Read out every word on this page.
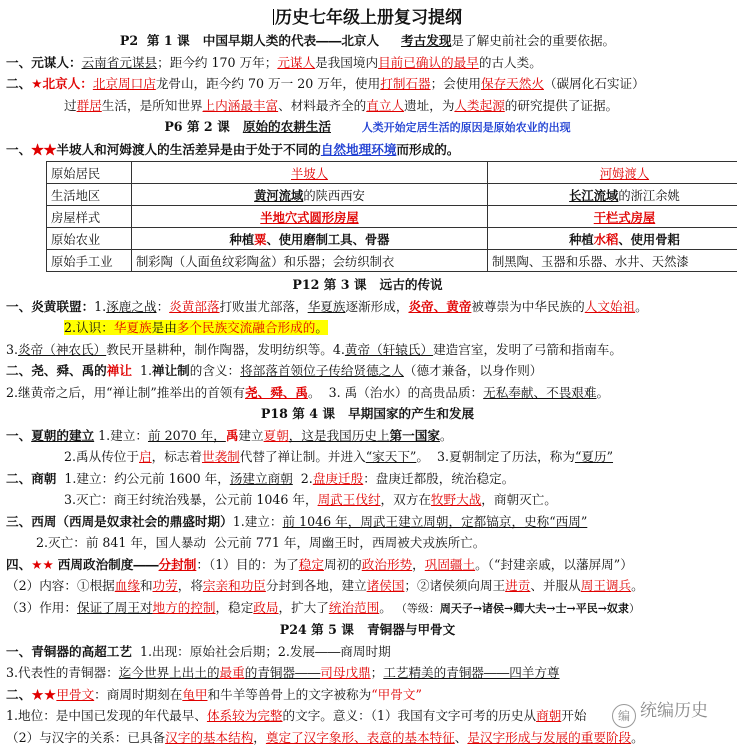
历史七年级上册复习提纲
P2 第 1 课 中国早期人类的代表――北京人 考古发现是了解史前社会的重要依据。
一、元谋人：云南省元谋县；距今约 170 万年；元谋人是我国境内目前已确认的最早的古人类。
二、★北京人：北京周口店龙骨山，距今约 70 万一 20 万年，使用打制石器；会使用保存天然火（碳屑化石实证）
过群居生活，是所知世界上内涵最丰富、材料最齐全的直立人遗址，为人类起源的研究提供了证据。
P6 第 2 课 原始的农耕生活	人类开始定居生活的原因是原始农业的出现
一、★★半坡人和河姆渡人的生活差异是由于处于不同的自然地理环境而形成的。
原始居民	半坡人	河姆渡人
生活地区	黄河流域的陕西西安	长江流域的浙江余姚
房屋样式	半地穴式圆形房屋	干栏式房屋
原始农业	种植粟、使用磨制工具、骨器	种植水稻、使用骨耜
原始手工业	制彩陶（人面鱼纹彩陶盆）和乐器；会纺织制衣	制黑陶、玉器和乐器、水井、天然漆
P12 第 3 课 远古的传说
一、炎黄联盟：1.涿鹿之战：炎黄部落打败蚩尤部落，华夏族逐渐形成，炎帝、黄帝被尊崇为中华民族的人文始祖。
2.认识：华夏族是由多个民族交流融合形成的。
3.炎帝（神农氏）教民开垦耕种，制作陶器，发明纺织等。4.黄帝（轩辕氏）建造宫室，发明了弓箭和指南车。
二、尧、舜、禹的禅让 1.禅让制的含义：将部落首领位子传给贤德之人（德才兼备，以身作则）
2.继黄帝之后，用“禅让制”推举出的首领有尧、舜、禹。 3. 禹（治水）的高贵品质：无私奉献、不畏艰难。
P18 第 4 课 早期国家的产生和发展
一、夏朝的建立 1.建立：前 2070 年，禹建立夏朝，这是我国历史上第一国家。
2.禹从传位于启，标志着世袭制代替了禅让制。并进入“家天下”。 3.夏朝制定了历法，称为“夏历”
二、商朝 1.建立：约公元前 1600 年，汤建立商朝 2.盘庚迁殷：盘庚迁都殷，统治稳定。
3.灭亡：商王纣统治残暴，公元前 1046 年，周武王伐纣，双方在牧野大战，商朝灭亡。
三、西周（西周是奴隶社会的鼎盛时期）1.建立：前 1046 年，周武王建立周朝，定都镐京，史称“西周”
2.灭亡：前 841 年，国人暴动 公元前 771 年，周幽王时，西周被犬戎族所亡。
四、★★ 西周政治制度――分封制：（1）目的：为了稳定周初的政治形势，巩固疆土。（“封建亲戚，以藩屏周”）
（2）内容：①根据血缘和功劳，将宗亲和功臣分封到各地，建立诸侯国；②诸侯须向周王进贡、并服从周王调兵。
（3）作用：保证了周王对地方的控制，稳定政局，扩大了统治范围。 （等级：周天子→诸侯→卿大夫→士→平民→奴隶）
P24 第 5 课 青铜器与甲骨文
一、青铜器的高超工艺 1.出现：原始社会后期；2.发展――商周时期
3.代表性的青铜器：迄今世界上出土的最重的青铜器――司母戊鼎；工艺精美的青铜器――四羊方尊
二、★★甲骨文：商周时期刻在龟甲和牛羊等兽骨上的文字被称为“甲骨文”
1.地位：是中国已发现的年代最早、体系较为完整的文字。意义：（1）我国有文字可考的历史从商朝开始
（2）与汉字的关系：已具备汉字的基本结构，奠定了汉字象形、表意的基本特征、是汉字形成与发展的重要阶段。
编 统编历史
